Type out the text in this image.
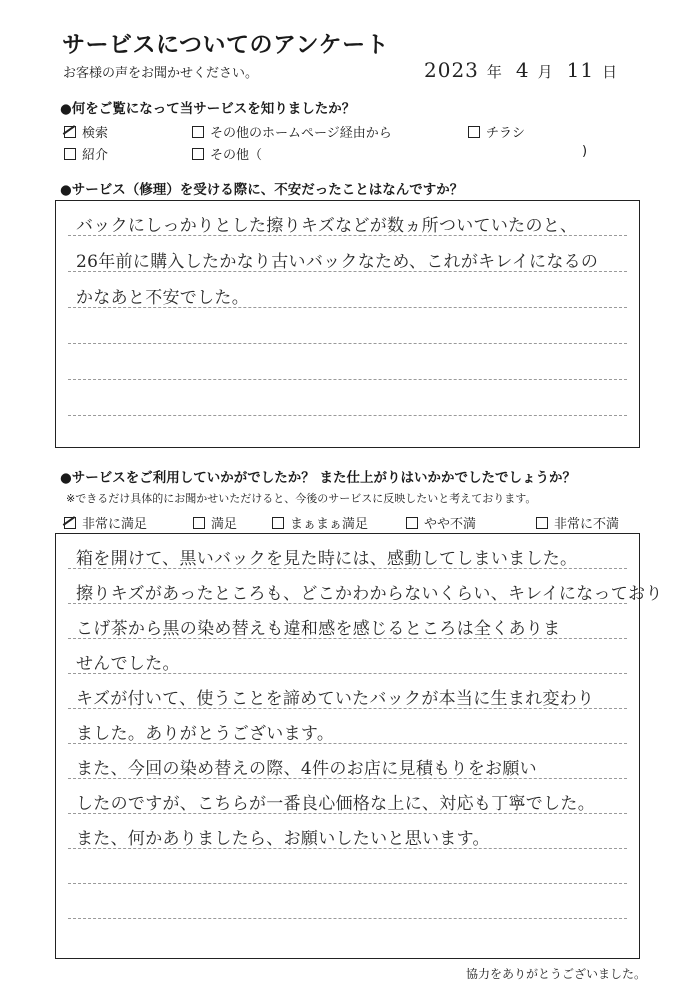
サービスについてのアンケート
お客様の声をお聞かせください。	2023 年 4 月 11 日
●何をご覧になって当サービスを知りましたか？
検索	その他のホームページ経由から	チラシ
紹介	その他（	)
●サービス（修理）を受ける際に、不安だったことはなんですか？
バックにしっかりとした擦りキズなどが数ヵ所ついていたのと、
26年前に購入したかなり古いバックなため、これがキレイになるの
かなあと不安でした。
●サービスをご利用していかがでしたか？ また仕上がりはいかかでしたでしょうか？
※できるだけ具体的にお聞かせいただけると、今後のサービスに反映したいと考えております。
非常に満足	満足	まぁまぁ満足	やや不満	非常に不満
箱を開けて、黒いバックを見た時には、感動してしまいました。
擦りキズがあったところも、どこかわからないくらい、キレイになっており
こげ茶から黒の染め替えも違和感を感じるところは全くありま
せんでした。
キズが付いて、使うことを諦めていたバックが本当に生まれ変わり
ました。ありがとうございます。
また、今回の染め替えの際、4件のお店に見積もりをお願い
したのですが、こちらが一番良心価格な上に、対応も丁寧でした。
また、何かありましたら、お願いしたいと思います。
協力をありがとうございました。
